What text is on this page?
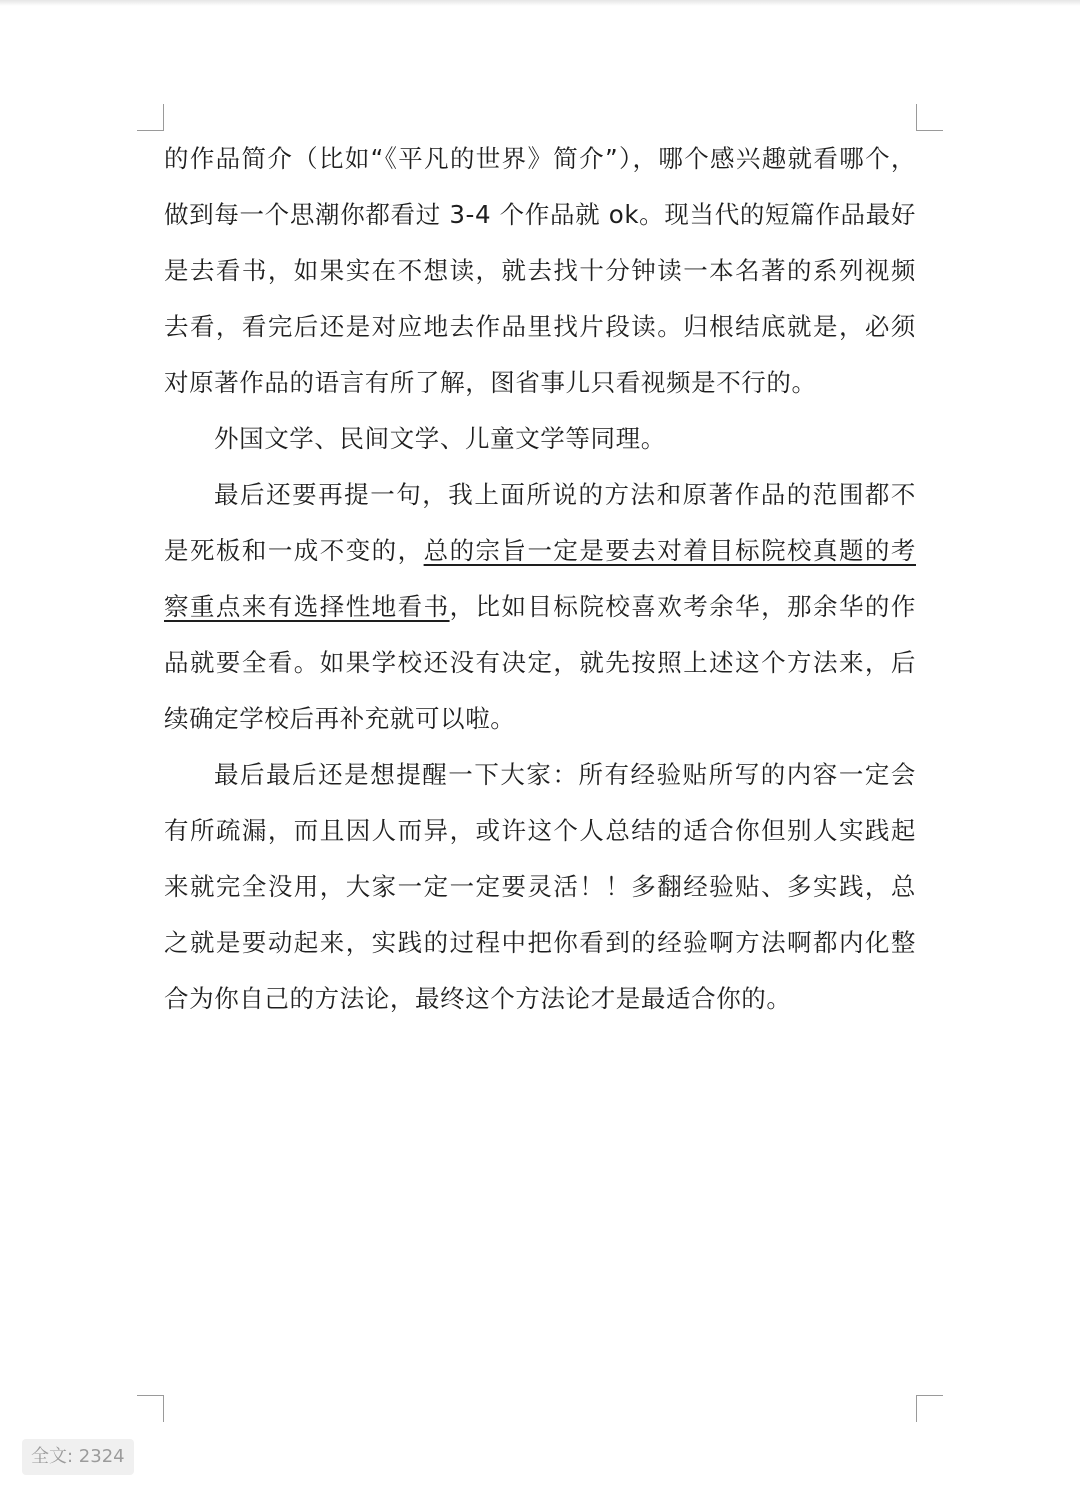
的作品简介（比如“《平凡的世界》简介”），哪个感兴趣就看哪个，做到每一个思潮你都看过 3-4 个作品就 ok。现当代的短篇作品最好是去看书，如果实在不想读，就去找十分钟读一本名著的系列视频去看，看完后还是对应地去作品里找片段读。归根结底就是，必须对原著作品的语言有所了解，图省事儿只看视频是不行的。

外国文学、民间文学、儿童文学等同理。

最后还要再提一句，我上面所说的方法和原著作品的范围都不是死板和一成不变的，总的宗旨一定是要去对着目标院校真题的考察重点来有选择性地看书，比如目标院校喜欢考余华，那余华的作品就要全看。如果学校还没有决定，就先按照上述这个方法来，后续确定学校后再补充就可以啦。

最后最后还是想提醒一下大家：所有经验贴所写的内容一定会有所疏漏，而且因人而异，或许这个人总结的适合你但别人实践起来就完全没用，大家一定一定要灵活！！多翻经验贴、多实践，总之就是要动起来，实践的过程中把你看到的经验啊方法啊都内化整合为你自己的方法论，最终这个方法论才是最适合你的。

全文: 2324
